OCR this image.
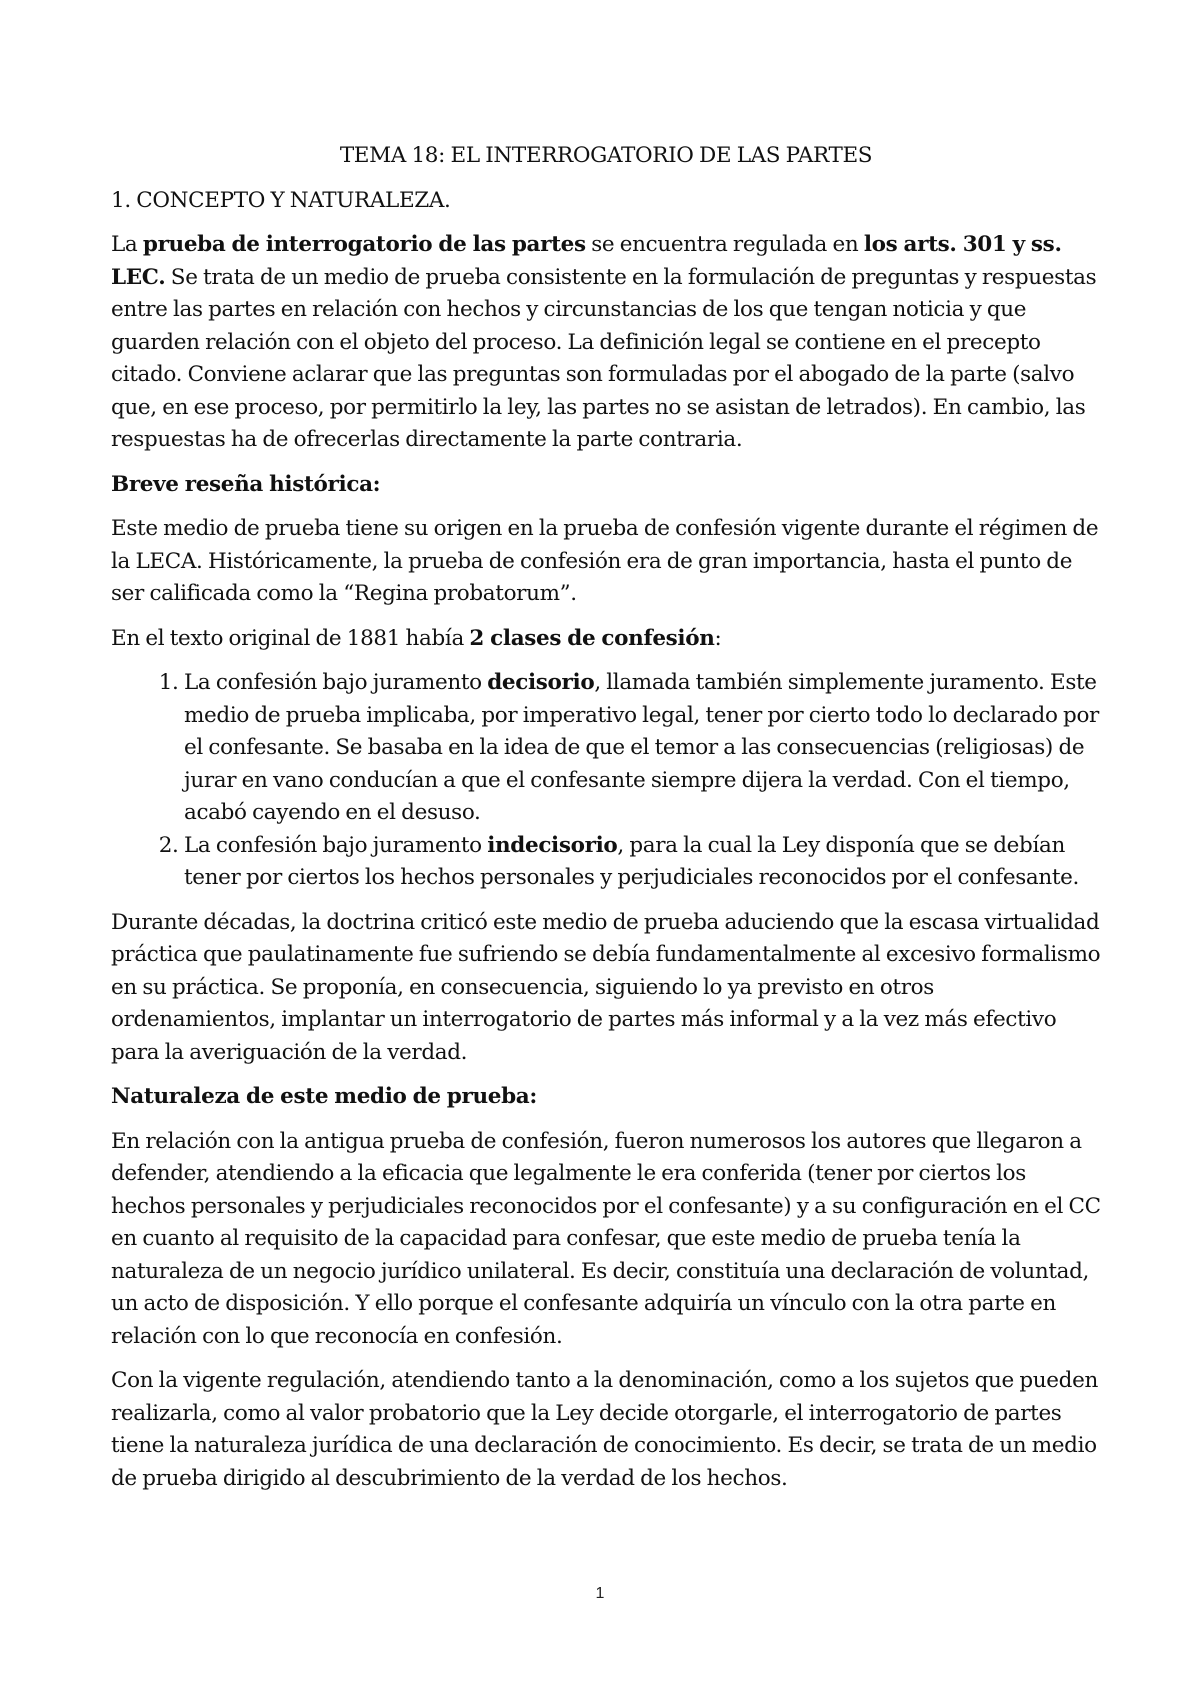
TEMA 18: EL INTERROGATORIO DE LAS PARTES
1. CONCEPTO Y NATURALEZA.

La prueba de interrogatorio de las partes se encuentra regulada en los arts. 301 y ss. LEC. Se trata de un medio de prueba consistente en la formulación de preguntas y respuestas entre las partes en relación con hechos y circunstancias de los que tengan noticia y que guarden relación con el objeto del proceso. La definición legal se contiene en el precepto citado. Conviene aclarar que las preguntas son formuladas por el abogado de la parte (salvo que, en ese proceso, por permitirlo la ley, las partes no se asistan de letrados). En cambio, las respuestas ha de ofrecerlas directamente la parte contraria.

Breve reseña histórica:

Este medio de prueba tiene su origen en la prueba de confesión vigente durante el régimen de la LECA. Históricamente, la prueba de confesión era de gran importancia, hasta el punto de ser calificada como la “Regina probatorum”.

En el texto original de 1881 había 2 clases de confesión:

1. La confesión bajo juramento decisorio, llamada también simplemente juramento. Este medio de prueba implicaba, por imperativo legal, tener por cierto todo lo declarado por el confesante. Se basaba en la idea de que el temor a las consecuencias (religiosas) de jurar en vano conducían a que el confesante siempre dijera la verdad. Con el tiempo, acabó cayendo en el desuso.
2. La confesión bajo juramento indecisorio, para la cual la Ley disponía que se debían tener por ciertos los hechos personales y perjudiciales reconocidos por el confesante.

Durante décadas, la doctrina criticó este medio de prueba aduciendo que la escasa virtualidad práctica que paulatinamente fue sufriendo se debía fundamentalmente al excesivo formalismo en su práctica. Se proponía, en consecuencia, siguiendo lo ya previsto en otros ordenamientos, implantar un interrogatorio de partes más informal y a la vez más efectivo para la averiguación de la verdad.

Naturaleza de este medio de prueba:

En relación con la antigua prueba de confesión, fueron numerosos los autores que llegaron a defender, atendiendo a la eficacia que legalmente le era conferida (tener por ciertos los hechos personales y perjudiciales reconocidos por el confesante) y a su configuración en el CC en cuanto al requisito de la capacidad para confesar, que este medio de prueba tenía la naturaleza de un negocio jurídico unilateral. Es decir, constituía una declaración de voluntad, un acto de disposición. Y ello porque el confesante adquiría un vínculo con la otra parte en relación con lo que reconocía en confesión.

Con la vigente regulación, atendiendo tanto a la denominación, como a los sujetos que pueden realizarla, como al valor probatorio que la Ley decide otorgarle, el interrogatorio de partes tiene la naturaleza jurídica de una declaración de conocimiento. Es decir, se trata de un medio de prueba dirigido al descubrimiento de la verdad de los hechos.

1
